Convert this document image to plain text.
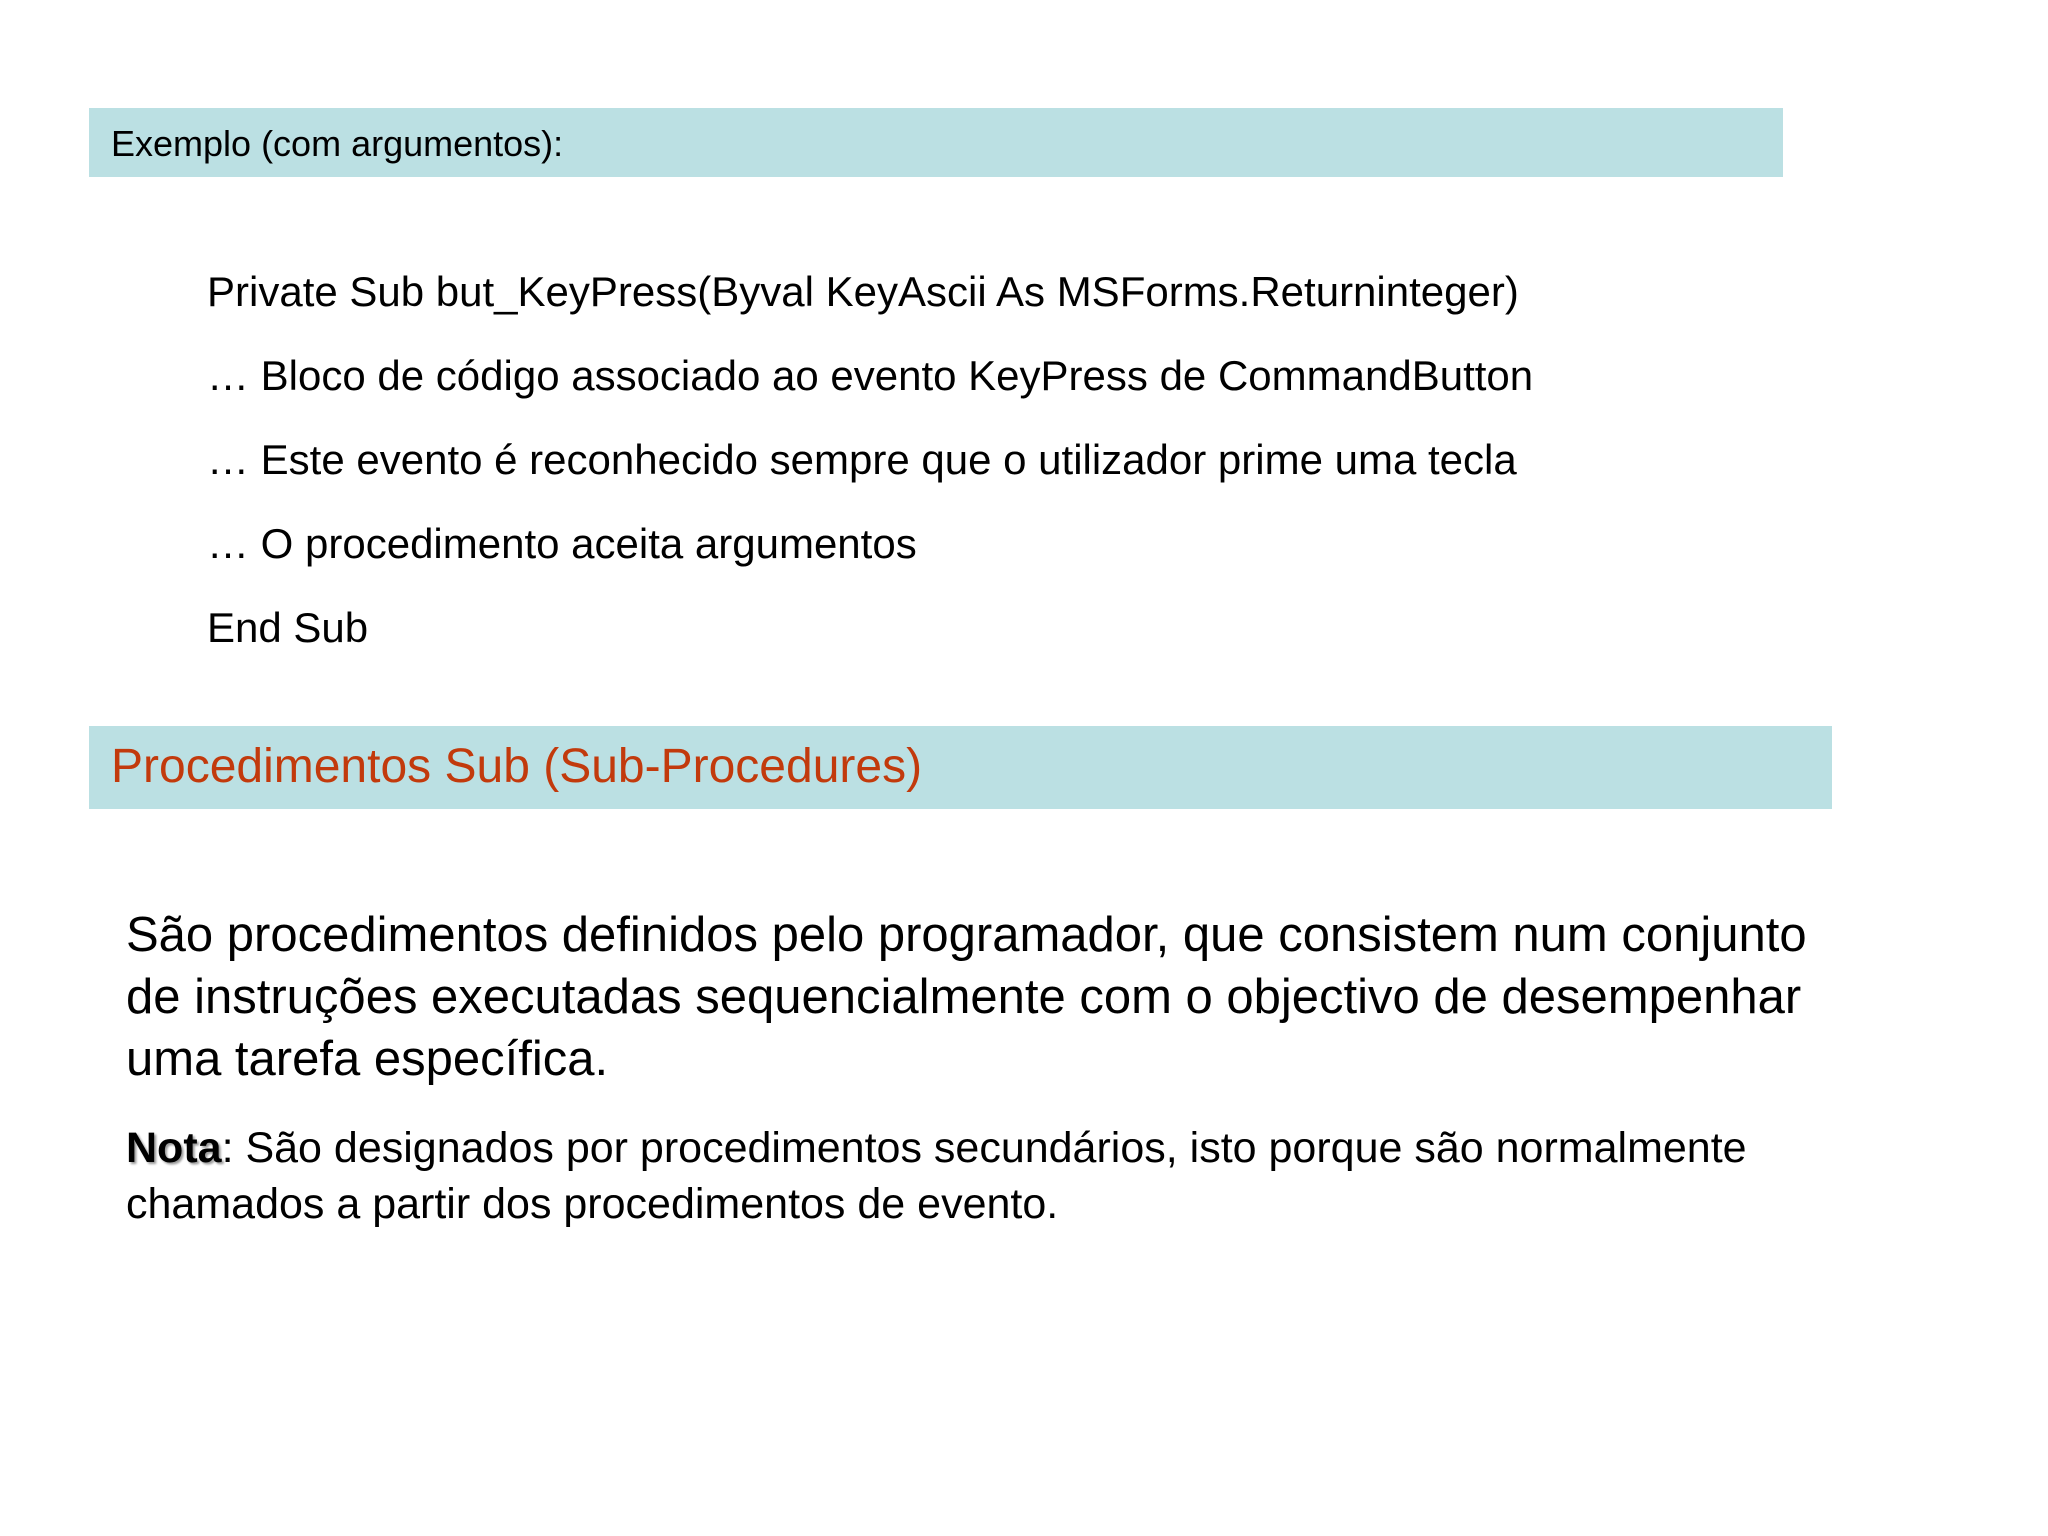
Exemplo (com argumentos):
Private Sub but_KeyPress(Byval KeyAscii As MSForms.Returninteger)
… Bloco de código associado ao evento KeyPress de CommandButton
… Este evento é reconhecido sempre que o utilizador prime uma tecla
… O procedimento aceita argumentos
End Sub
Procedimentos Sub (Sub-Procedures)

São procedimentos definidos pelo programador, que consistem num conjunto de instruções executadas sequencialmente com o objectivo de desempenhar uma tarefa específica.

Nota: São designados por procedimentos secundários, isto porque são normalmente chamados a partir dos procedimentos de evento.
